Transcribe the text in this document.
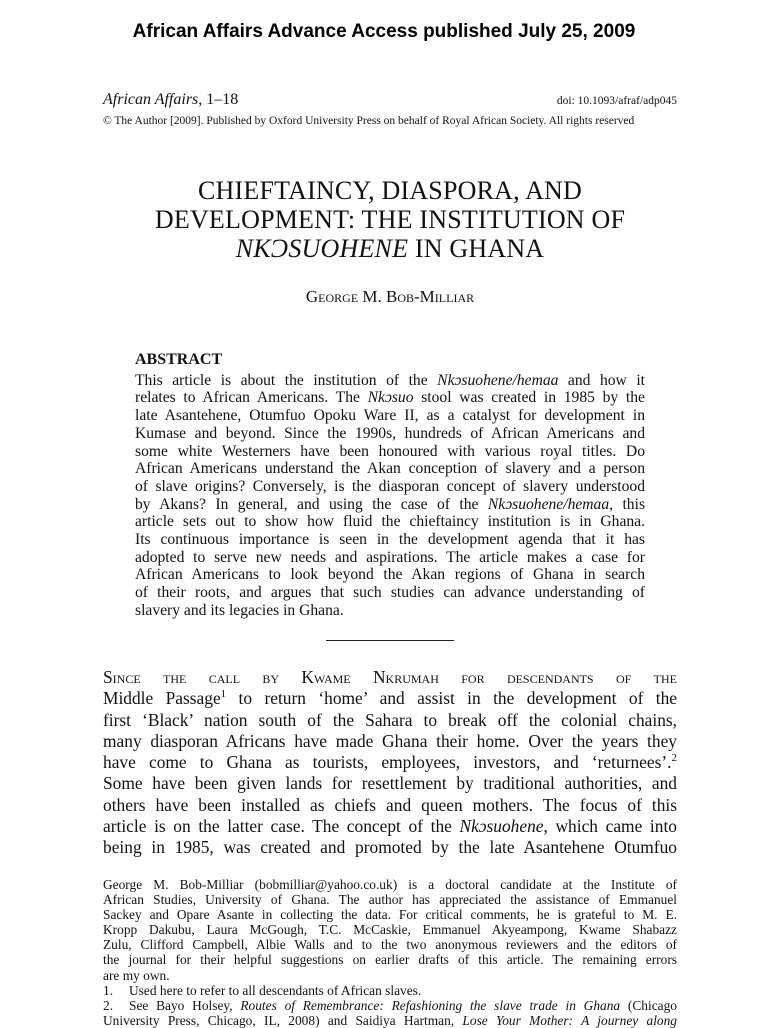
African Affairs Advance Access published July 25, 2009
African Affairs, 1–18	doi: 10.1093/afraf/adp045
© The Author [2009]. Published by Oxford University Press on behalf of Royal African Society. All rights reserved
CHIEFTAINCY, DIASPORA, AND
DEVELOPMENT: THE INSTITUTION OF
NKƆSUOHENE IN GHANA
George M. Bob-Milliar
ABSTRACT
This article is about the institution of the Nkɔsuohene/hemaa and how it
relates to African Americans. The Nkɔsuo stool was created in 1985 by the
late Asantehene, Otumfuo Opoku Ware II, as a catalyst for development in
Kumase and beyond. Since the 1990s, hundreds of African Americans and
some white Westerners have been honoured with various royal titles. Do
African Americans understand the Akan conception of slavery and a person
of slave origins? Conversely, is the diasporan concept of slavery understood
by Akans? In general, and using the case of the Nkɔsuohene/hemaa, this
article sets out to show how fluid the chieftaincy institution is in Ghana.
Its continuous importance is seen in the development agenda that it has
adopted to serve new needs and aspirations. The article makes a case for
African Americans to look beyond the Akan regions of Ghana in search
of their roots, and argues that such studies can advance understanding of
slavery and its legacies in Ghana.
Since the call by Kwame Nkrumah for descendants of the
Middle Passage$^1$ to return ‘home’ and assist in the development of the
first ‘Black’ nation south of the Sahara to break off the colonial chains,
many diasporan Africans have made Ghana their home. Over the years they
have come to Ghana as tourists, employees, investors, and ‘returnees’.$^2$
Some have been given lands for resettlement by traditional authorities, and
others have been installed as chiefs and queen mothers. The focus of this
article is on the latter case. The concept of the Nkɔsuohene, which came into
being in 1985, was created and promoted by the late Asantehene Otumfuo
George M. Bob-Milliar (bobmilliar@yahoo.co.uk) is a doctoral candidate at the Institute of
African Studies, University of Ghana. The author has appreciated the assistance of Emmanuel
Sackey and Opare Asante in collecting the data. For critical comments, he is grateful to M. E.
Kropp Dakubu, Laura McGough, T.C. McCaskie, Emmanuel Akyeampong, Kwame Shabazz
Zulu, Clifford Campbell, Albie Walls and to the two anonymous reviewers and the editors of
the journal for their helpful suggestions on earlier drafts of this article. The remaining errors
are my own.
1. Used here to refer to all descendants of African slaves.
2. See Bayo Holsey, Routes of Remembrance: Refashioning the slave trade in Ghana (Chicago
University Press, Chicago, IL, 2008) and Saidiya Hartman, Lose Your Mother: A journey along
